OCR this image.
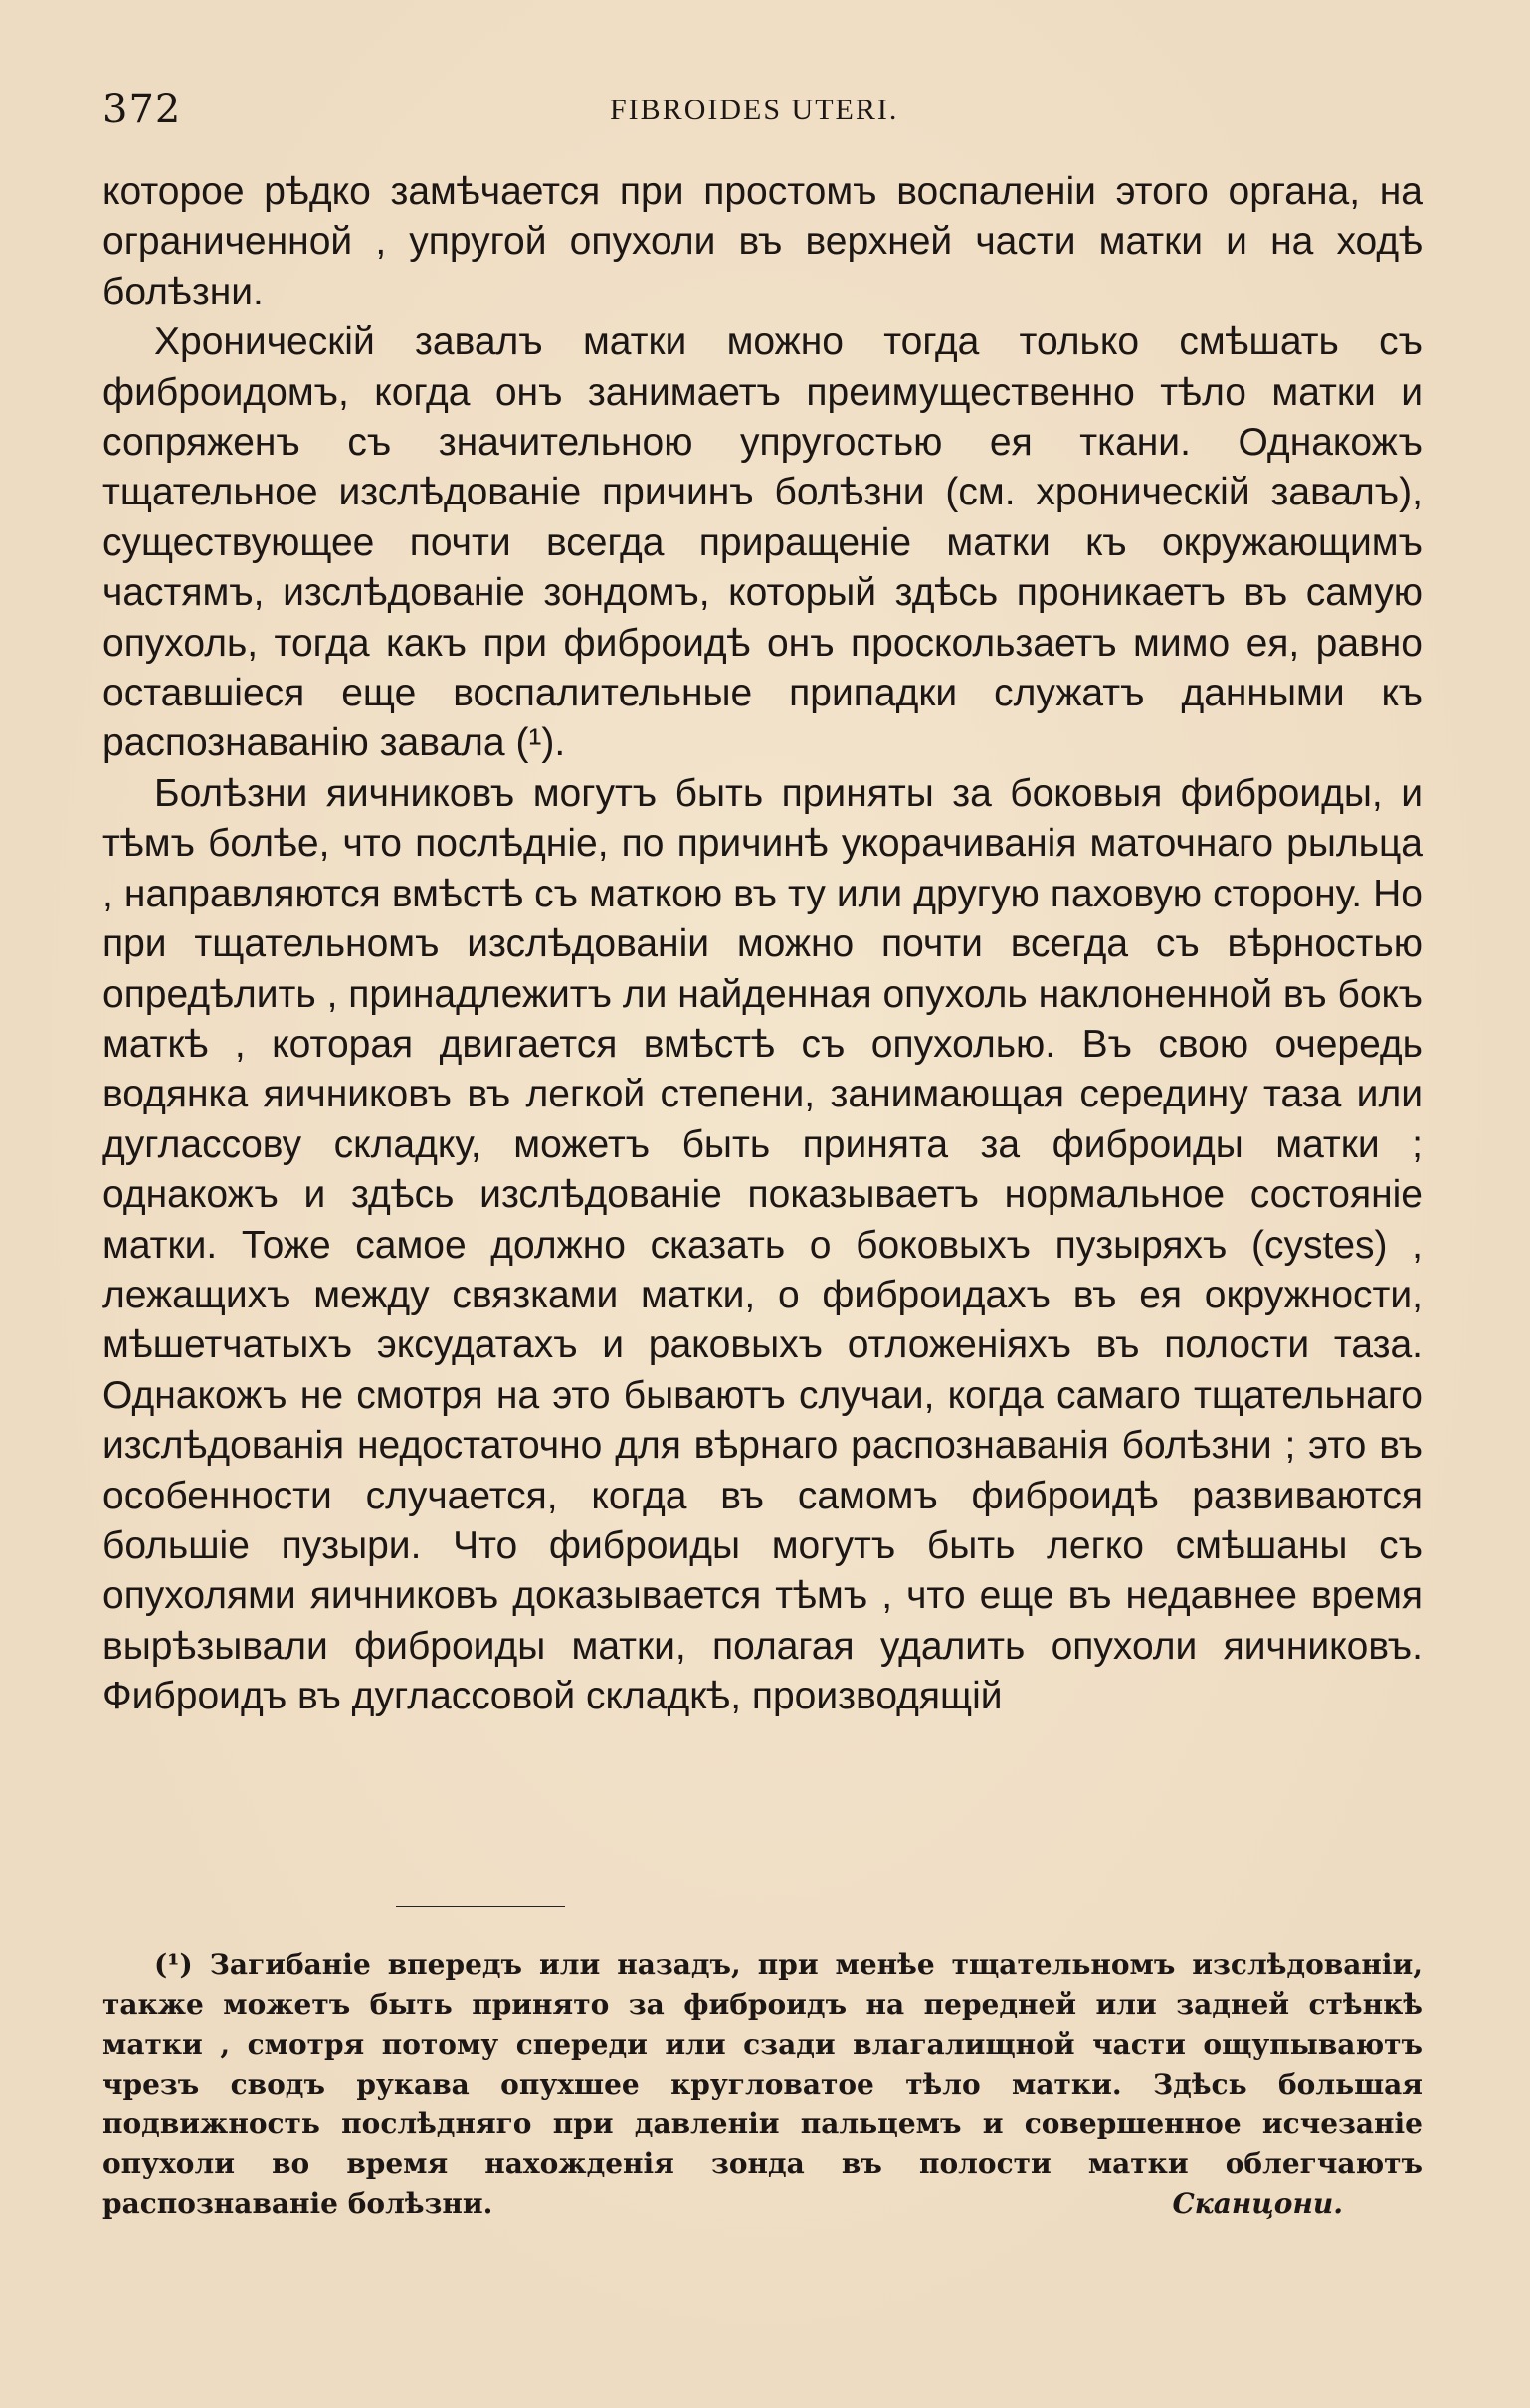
372	FIBROIDES UTERI.

которое рѣдко замѣчается при простомъ воспаленіи этого органа, на ограниченной , упругой опухоли въ верхней части матки и на ходѣ болѣзни.

Хроническій завалъ матки можно тогда только смѣшать съ фиброидомъ, когда онъ занимаетъ преимущественно тѣло матки и сопряженъ съ значительною упругостью ея ткани. Однакожъ тщательное изслѣдованіе причинъ болѣзни (см. хроническій завалъ), существующее почти всегда приращеніе матки къ окружающимъ частямъ, изслѣдованіе зондомъ, который здѣсь проникаетъ въ самую опухоль, тогда какъ при фиброидѣ онъ проскользаетъ мимо ея, равно оставшіеся еще воспалительные припадки служатъ данными къ распознаванію завала (¹).

Болѣзни яичниковъ могутъ быть приняты за боковыя фиброиды, и тѣмъ болѣе, что послѣдніе, по причинѣ укорачиванія маточнаго рыльца , направляются вмѣстѣ съ маткою въ ту или другую паховую сторону. Но при тщательномъ изслѣдованіи можно почти всегда съ вѣрностью опредѣлить , принадлежитъ ли найденная опухоль наклоненной въ бокъ маткѣ , которая двигается вмѣстѣ съ опухолью. Въ свою очередь водянка яичниковъ въ легкой степени, занимающая середину таза или дугласcову складку, можетъ быть принята за фиброиды матки ; однакожъ и здѣсь изслѣдованіе показываетъ нормальное состояніе матки. Тоже самое должно сказать о боковыхъ пузыряхъ (cystes) , лежащихъ между связками матки, о фиброидахъ въ ея окружности, мѣшетчатыхъ эксудатахъ и раковыхъ отложеніяхъ въ полости таза. Однакожъ не смотря на это бываютъ случаи, когда самаго тщательнаго изслѣдованія недостаточно для вѣрнаго распознаванія болѣзни ; это въ особенности случается, когда въ самомъ фиброидѣ развиваются большіе пузыри. Что фиброиды могутъ быть легко смѣшаны съ опухолями яичниковъ доказывается тѣмъ , что еще въ недавнее время вырѣзывали фиброиды матки, полагая удалить опухоли яичниковъ. Фиброидъ въ дугласcовой складкѣ, производящій

(¹) Загибаніе впередъ или назадъ, при менѣе тщательномъ изслѣдованіи, также можетъ быть принято за фиброидъ на передней или задней стѣнкѣ матки , смотря потому спереди или сзади влагалищной части ощупываютъ чрезъ сводъ рукава опухшее кругловатое тѣло матки. Здѣсь большая подвижность послѣдняго при давленіи пальцемъ и совершенное исчезаніе опухоли во время нахожденія зонда въ полости матки облегчаютъ распознаваніе болѣзни.	Сканцони.
